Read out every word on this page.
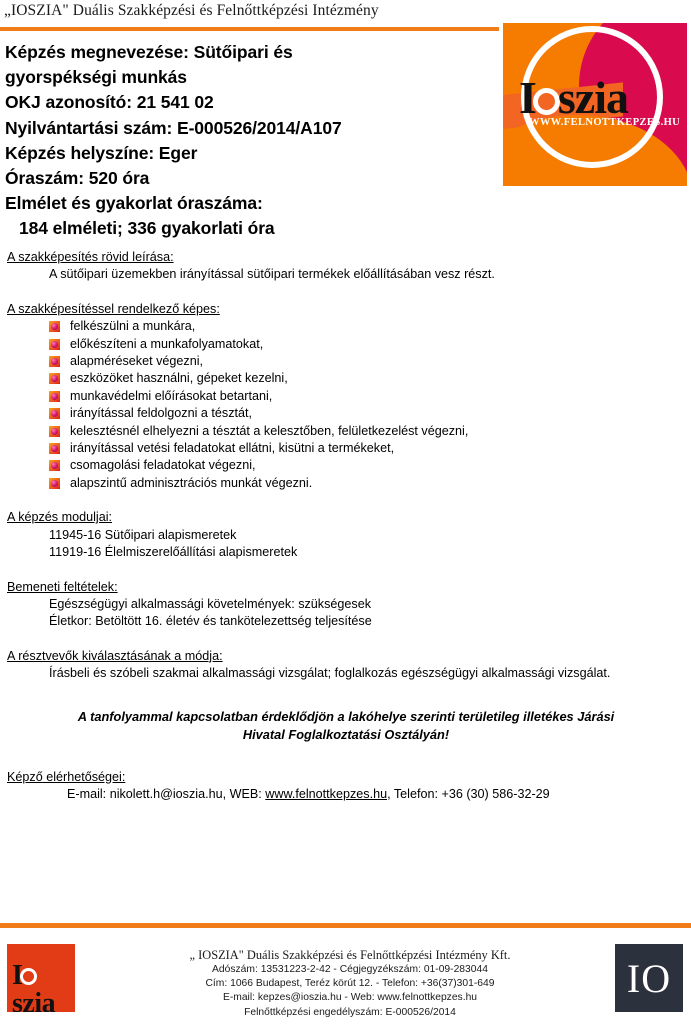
„IOSZIA" Duális Szakképzési és Felnőttképzési Intézmény
I szia
WWW.FELNOTTKEPZES.HU
Képzés megnevezése: Sütőipari és
gyorspékségi munkás
OKJ azonosító: 21 541 02
Nyilvántartási szám: E-000526/2014/A107
Képzés helyszíne: Eger
Óraszám: 520 óra
Elmélet és gyakorlat óraszáma:
184 elméleti; 336 gyakorlati óra
A szakképesítés rövid leírása:
A sütőipari üzemekben irányítással sütőipari termékek előállításában vesz részt.
A szakképesítéssel rendelkező képes:
felkészülni a munkára,
előkészíteni a munkafolyamatokat,
alapméréseket végezni,
eszközöket használni, gépeket kezelni,
munkavédelmi előírásokat betartani,
irányítással feldolgozni a tésztát,
kelesztésnél elhelyezni a tésztát a kelesztőben, felületkezelést végezni,
irányítással vetési feladatokat ellátni, kisütni a termékeket,
csomagolási feladatokat végezni,
alapszintű adminisztrációs munkát végezni.
A képzés moduljai:
11945-16 Sütőipari alapismeretek
11919-16 Élelmiszerelőállítási alapismeretek
Bemeneti feltételek:
Egészségügyi alkalmassági követelmények: szükségesek
Életkor: Betöltött 16. életév és tankötelezettség teljesítése
A résztvevők kiválasztásának a módja:
Írásbeli és szóbeli szakmai alkalmassági vizsgálat; foglalkozás egészségügyi alkalmassági vizsgálat.
A tanfolyammal kapcsolatban érdeklődjön a lakóhelye szerinti területileg illetékes Járási
Hivatal Foglalkoztatási Osztályán!
Képző elérhetőségei:
E-mail: nikolett.h@ioszia.hu, WEB: www.felnottkepzes.hu, Telefon: +36 (30) 586-32-29
Iszia
„ IOSZIA" Duális Szakképzési és Felnőttképzési Intézmény Kft.
Adószám: 13531223-2-42 - Cégjegyzékszám: 01-09-283044
Cím: 1066 Budapest, Teréz körút 12. - Telefon: +36(37)301-649
E-mail: kepzes@ioszia.hu - Web: www.felnottkepzes.hu
Felnőttképzési engedélyszám: E-000526/2014
IO
